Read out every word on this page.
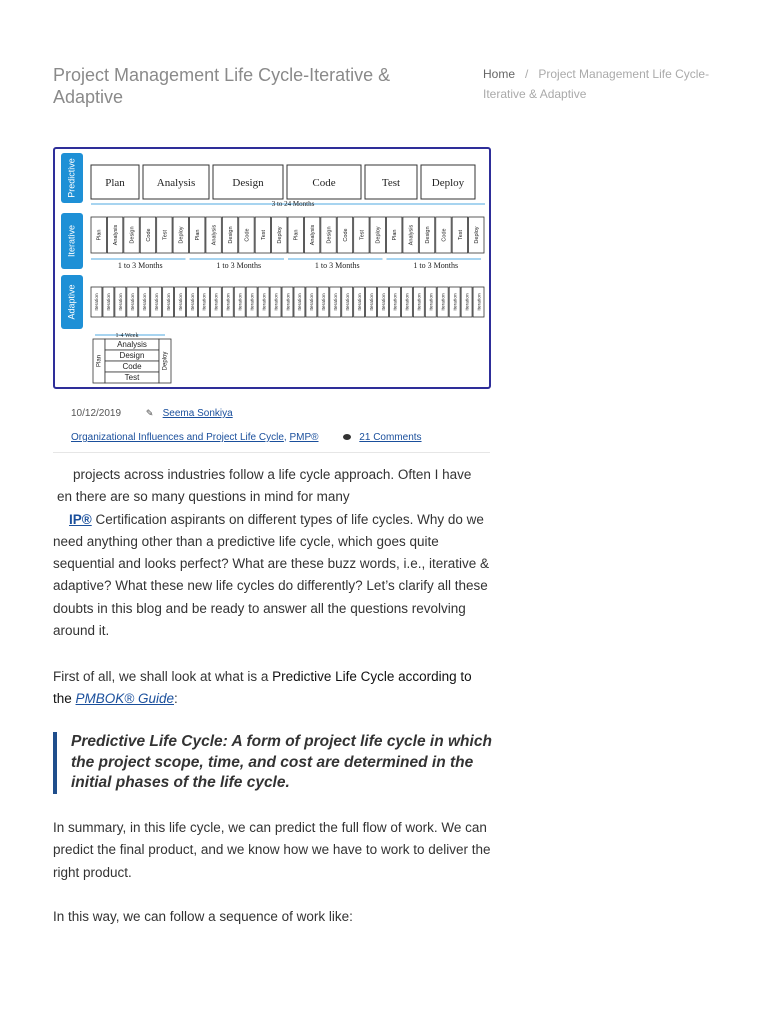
Project Management Life Cycle-Iterative & Adaptive
Home / Project Management Life Cycle-Iterative & Adaptive
Predictive
Iterative
Adaptive
Plan	Analysis	Design	Code	Test	Deploy
3 to 24 Months
Plan Analysis Design Code Test Deploy
1 to 3 Months
Plan Analysis Design Code Test Deploy
1 to 3 Months
Plan Analysis Design Code Test Deploy
1 to 3 Months
Plan Analysis Design Code Test Deploy
1 to 3 Months
Iteration Iteration Iteration Iteration Iteration Iteration Iteration Iteration Iteration Iteration Iteration Iteration Iteration Iteration Iteration Iteration Iteration Iteration Iteration Iteration Iteration Iteration Iteration Iteration Iteration Iteration Iteration Iteration Iteration Iteration Iteration Iteration Iteration
1-4 Week
Plan
Analysis
Design
Code
Test
Deploy
10/12/2019	✎ Seema Sonkiya
Organizational Influences and Project Life Cycle, PMP®	21 Comments

projects across industries follow a life cycle approach. Often I have
en there are so many questions in mind for many
IP® Certification aspirants on different types of life cycles. Why do we need anything other than a predictive life cycle, which goes quite sequential and looks perfect? What are these buzz words, i.e., iterative & adaptive? What these new life cycles do differently? Let’s clarify all these doubts in this blog and be ready to answer all the questions revolving around it.

First of all, we shall look at what is a Predictive Life Cycle according to the PMBOK® Guide:

Predictive Life Cycle: A form of project life cycle in which the project scope, time, and cost are determined in the initial phases of the life cycle.

In summary, in this life cycle, we can predict the full flow of work. We can predict the final product, and we know how we have to work to deliver the right product.

In this way, we can follow a sequence of work like:
